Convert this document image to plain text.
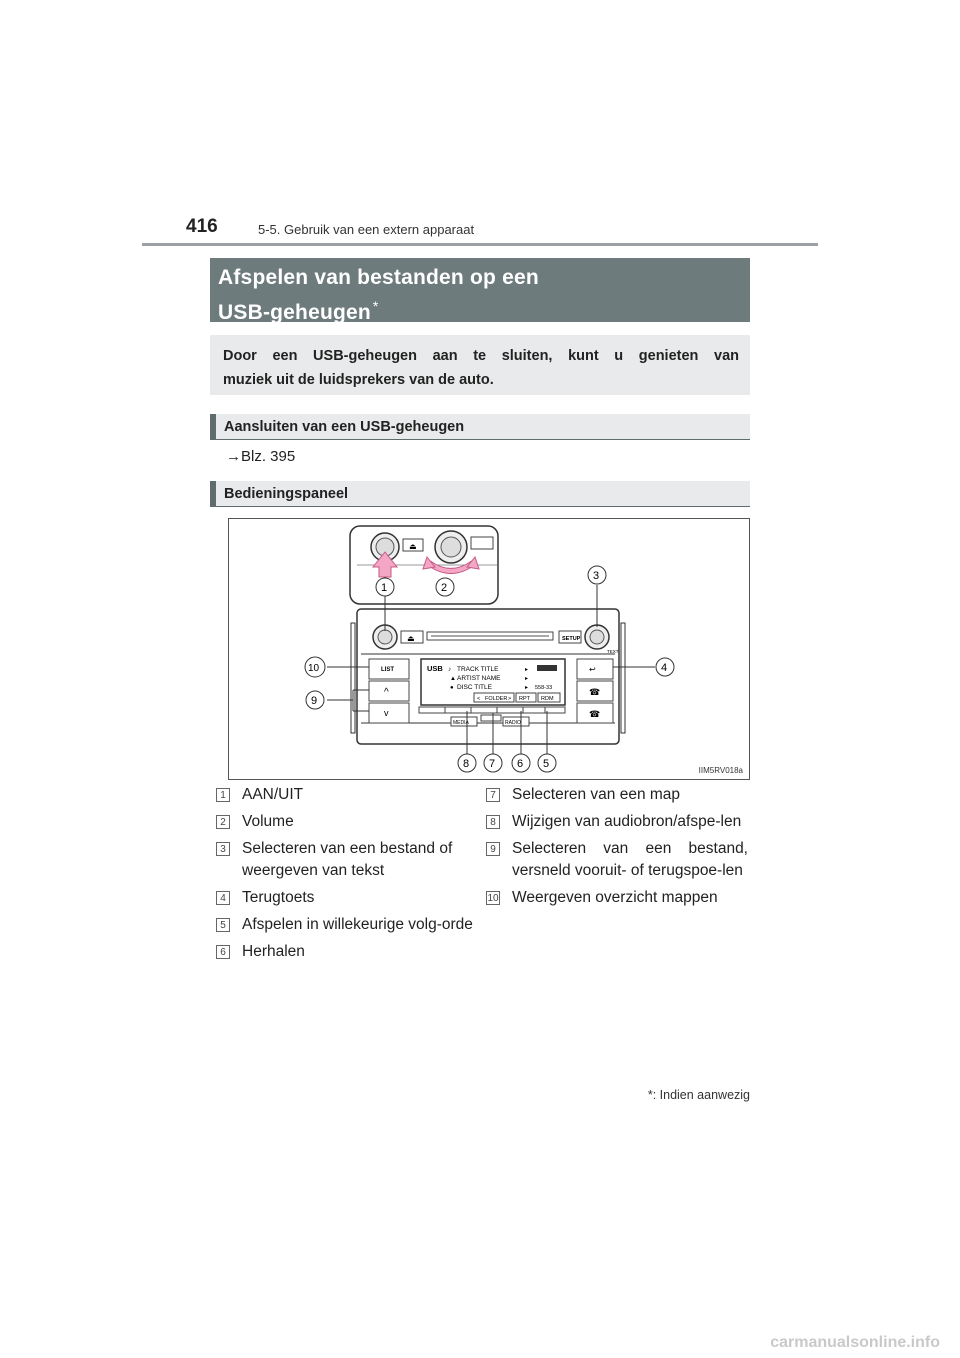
416	5-5. Gebruik van een extern apparaat
Afspelen van bestanden op een
USB-geheugen *
Door een USB-geheugen aan te sluiten, kunt u genieten van
muziek uit de luidsprekers van de auto.
Aansluiten van een USB-geheugen
→Blz. 395
Bedieningspaneel
⏏
⏏	SETUP
TEXT
LIST
^
v
USB TRACK TITLE
ARTIST NAME
DISC TITLE
♪
▲
●
▸
▸
▸ 558-33
< FOLDER > RPT RDM
↩
☎
☎
MEDIA	RADIO
1	2
3
4
5
6
7
8
9
10
IIM5RV018a
1 AAN/UIT
2 Volume
3 Selecteren van een bestand of weergeven van tekst
4 Terugtoets
5 Afspelen in willekeurige volg-orde
6 Herhalen
7 Selecteren van een map
8 Wijzigen van audiobron/afspe-len
9 Selecteren van een bestand, versneld vooruit- of terugspoe-len
10 Weergeven overzicht mappen
*: Indien aanwezig
carmanualsonline.info
